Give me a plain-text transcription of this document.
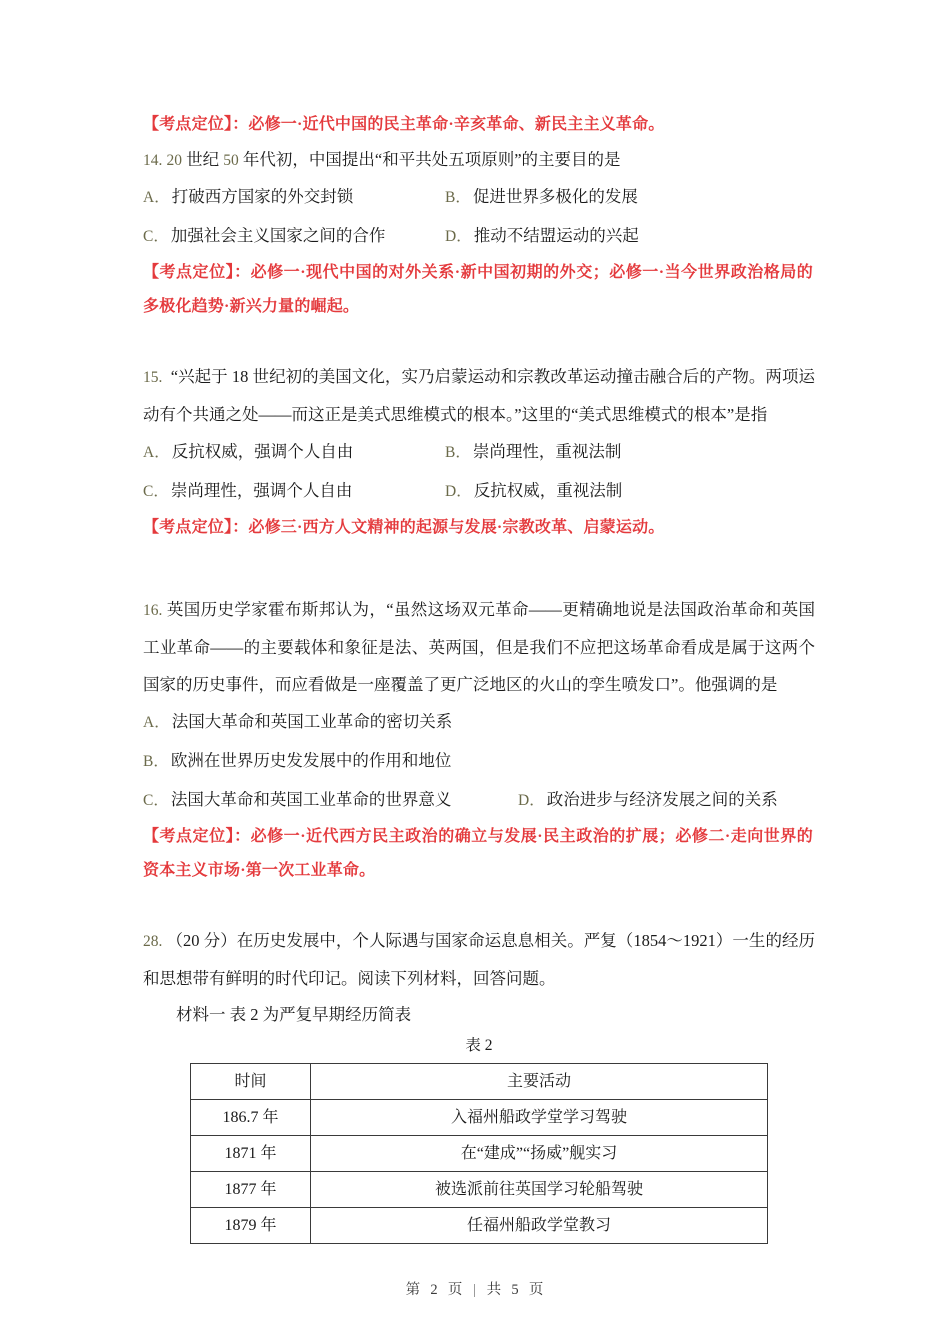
【考点定位】：必修一·近代中国的民主革命·辛亥革命、新民主主义革命。
14. 20 世纪 50 年代初，中国提出“和平共处五项原则”的主要目的是
A． 打破西方国家的外交封锁	B． 促进世界多极化的发展
C． 加强社会主义国家之间的合作	D． 推动不结盟运动的兴起
【考点定位】：必修一·现代中国的对外关系·新中国初期的外交；必修一·当今世界政治格局的多极化趋势·新兴力量的崛起。
15. “兴起于 18 世纪初的美国文化，实乃启蒙运动和宗教改革运动撞击融合后的产物。两项运动有个共通之处——而这正是美式思维模式的根本。”这里的“美式思维模式的根本”是指
A． 反抗权威，强调个人自由	B． 崇尚理性，重视法制
C． 崇尚理性，强调个人自由	D． 反抗权威，重视法制
【考点定位】：必修三·西方人文精神的起源与发展·宗教改革、启蒙运动。
16. 英国历史学家霍布斯邦认为，“虽然这场双元革命——更精确地说是法国政治革命和英国工业革命——的主要载体和象征是法、英两国，但是我们不应把这场革命看成是属于这两个国家的历史事件，而应看做是一座覆盖了更广泛地区的火山的孪生喷发口”。他强调的是
A． 法国大革命和英国工业革命的密切关系B． 欧洲在世界历史发发展中的作用和地位
C． 法国大革命和英国工业革命的世界意义	D． 政治进步与经济发展之间的关系
【考点定位】：必修一·近代西方民主政治的确立与发展·民主政治的扩展；必修二·走向世界的资本主义市场·第一次工业革命。
28. （20 分）在历史发展中，个人际遇与国家命运息息相关。严复（1854～1921）一生的经历和思想带有鲜明的时代印记。阅读下列材料，回答问题。
材料一 表 2 为严复早期经历简表
表 2
时间	主要活动
186.7 年	入福州船政学堂学习驾驶
1871 年	在“建成”“扬威”舰实习
1877 年	被选派前往英国学习轮船驾驶
1879 年	任福州船政学堂教习
第 2 页 | 共 5 页
